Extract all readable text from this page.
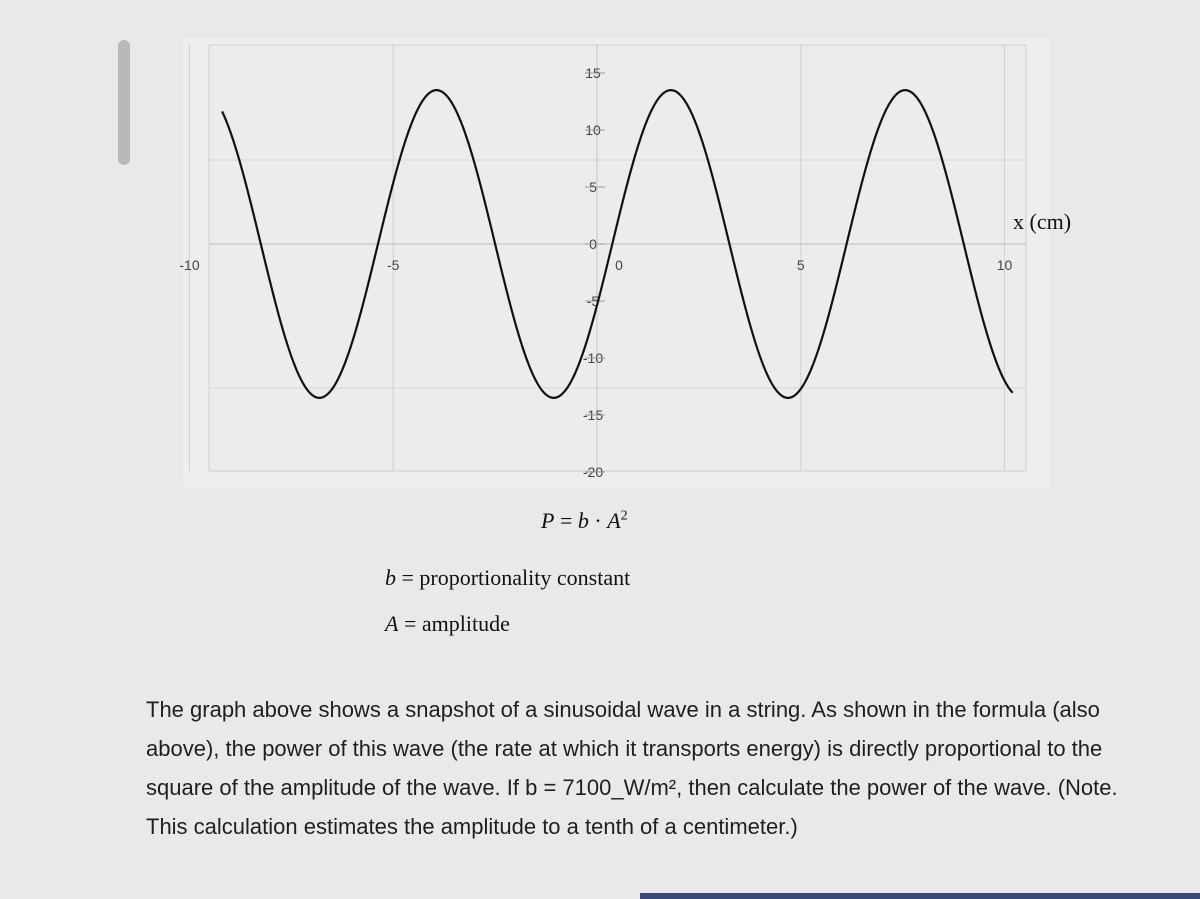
15
10
5
0
-5
-10
-15
-20
-10	-5	0	5	10
x (cm)
$P = b \cdot A^2$
b = proportionality constant
A = amplitude
The graph above shows a snapshot of a sinusoidal wave in a string. As shown in the formula (also above), the power of this wave (the rate at which it transports energy) is directly proportional to the square of the amplitude of the wave. If b = 7100_W/m², then calculate the power of the wave. (Note. This calculation estimates the amplitude to a tenth of a centimeter.)
